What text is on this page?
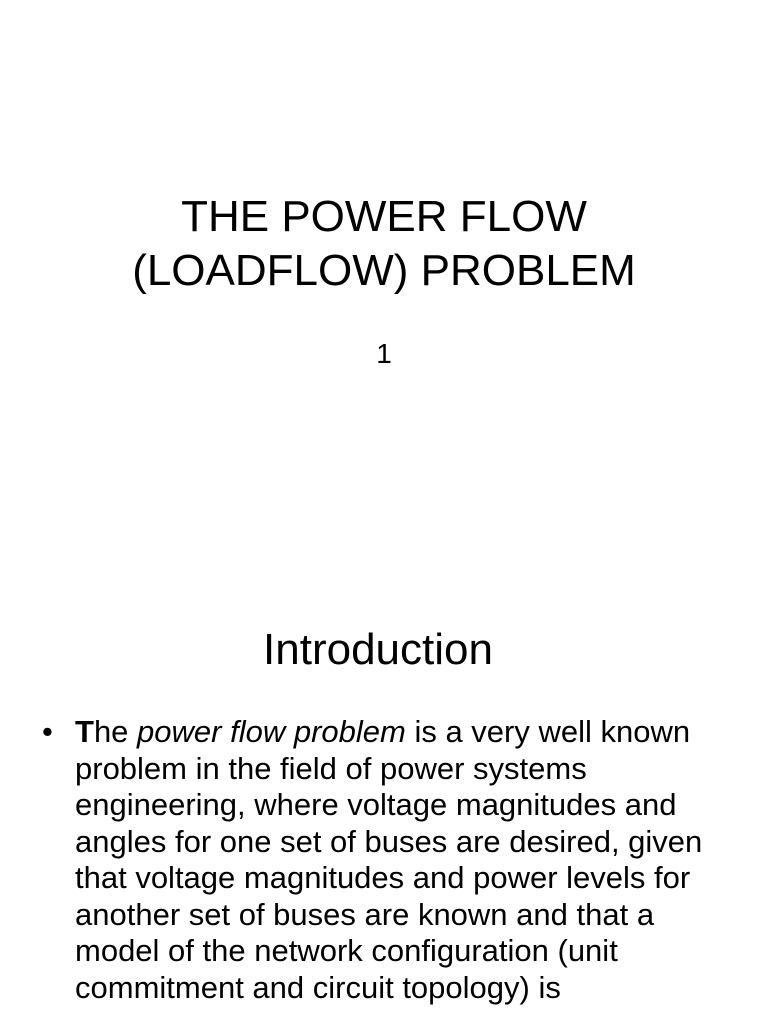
THE POWER FLOW
(LOADFLOW) PROBLEM
1
Introduction
• The power flow problem is a very well known problem in the field of power systems engineering, where voltage magnitudes and angles for one set of buses are desired, given that voltage magnitudes and power levels for another set of buses are known and that a model of the network configuration (unit commitment and circuit topology) is
